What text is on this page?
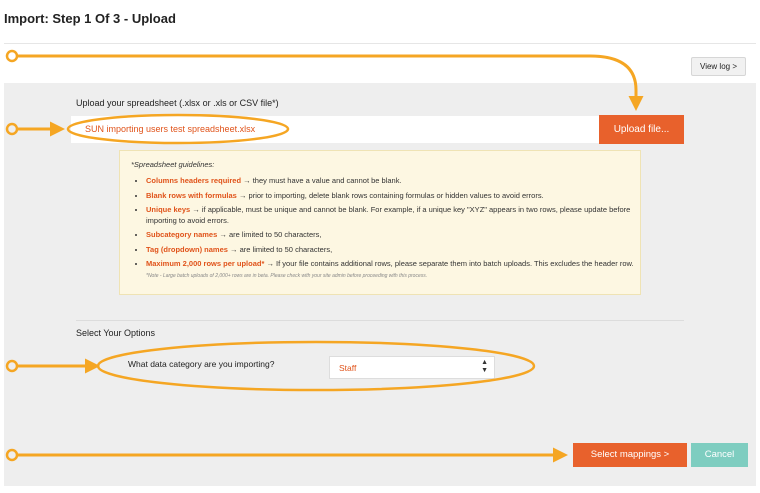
Import: Step 1 Of 3 - Upload
View log >
Upload your spreadsheet (.xlsx or .xls or CSV file*)
SUN importing users test spreadsheet.xlsx	Upload file...
*Spreadsheet guidelines:
• Columns headers required → they must have a value and cannot be blank.
• Blank rows with formulas → prior to importing, delete blank rows containing formulas or hidden values to avoid errors.
• Unique keys → if applicable, must be unique and cannot be blank. For example, if a unique key "XYZ" appears in two rows, please update before importing to avoid errors.
• Subcategory names → are limited to 50 characters,
• Tag (dropdown) names → are limited to 50 characters,
• Maximum 2,000 rows per upload* → If your file contains additional rows, please separate them into batch uploads. This excludes the header row. *Note - Large batch uploads of 2,000+ rows are in beta. Please check with your site admin before proceeding with this process.
Select Your Options
What data category are you importing?	Staff
▲
▼
Select mappings >	Cancel
